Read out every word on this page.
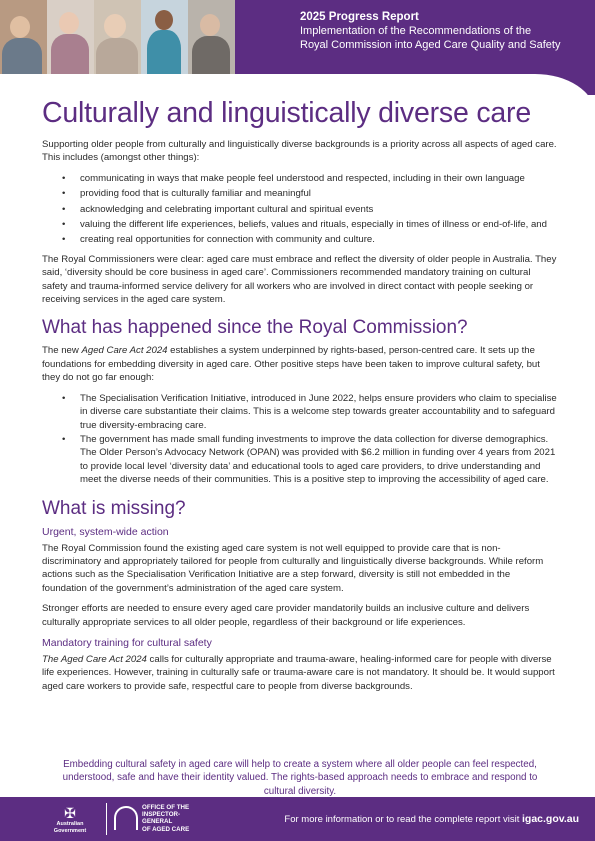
2025 Progress Report
Implementation of the Recommendations of the
Royal Commission into Aged Care Quality and Safety
Culturally and linguistically diverse care

Supporting older people from culturally and linguistically diverse backgrounds is a priority across all aspects of aged care. This includes (amongst other things):

• communicating in ways that make people feel understood and respected, including in their own language
• providing food that is culturally familiar and meaningful
• acknowledging and celebrating important cultural and spiritual events
• valuing the different life experiences, beliefs, values and rituals, especially in times of illness or end-of-life, and
• creating real opportunities for connection with community and culture.

The Royal Commissioners were clear: aged care must embrace and reflect the diversity of older people in Australia. They said, ‘diversity should be core business in aged care’. Commissioners recommended mandatory training on cultural safety and trauma-informed service delivery for all workers who are involved in direct contact with people seeking or receiving services in the aged care system.

What has happened since the Royal Commission?

The new Aged Care Act 2024 establishes a system underpinned by rights-based, person-centred care. It sets up the foundations for embedding diversity in aged care. Other positive steps have been taken to improve cultural safety, but they do not go far enough:

• The Specialisation Verification Initiative, introduced in June 2022, helps ensure providers who claim to specialise in diverse care substantiate their claims. This is a welcome step towards greater accountability and to safeguard true diversity-embracing care.
• The government has made small funding investments to improve the data collection for diverse demographics. The Older Person’s Advocacy Network (OPAN) was provided with $6.2 million in funding over 4 years from 2021 to provide local level ‘diversity data’ and educational tools to aged care providers, to drive understanding and meet the diverse needs of their communities. This is a positive step to improving the accessibility of aged care.
What is missing?
Urgent, system-wide action

The Royal Commission found the existing aged care system is not well equipped to provide care that is non-discriminatory and appropriately tailored for people from culturally and linguistically diverse backgrounds. While reform actions such as the Specialisation Verification Initiative are a step forward, diversity is still not embedded in the foundation of the government’s administration of the aged care system.

Stronger efforts are needed to ensure every aged care provider mandatorily builds an inclusive culture and delivers culturally appropriate services to all older people, regardless of their background or life experiences.

Mandatory training for cultural safety

The Aged Care Act 2024 calls for culturally appropriate and trauma-aware, healing-informed care for people with diverse life experiences. However, training in culturally safe or trauma-aware care is not mandatory. It should be. It would support aged care workers to provide safe, respectful care to people from diverse backgrounds.

Embedding cultural safety in aged care will help to create a system where all older people can feel respected, understood, safe and have their identity valued. The rights-based approach needs to embrace and respond to cultural diversity.
✠
Australian Government
OFFICE OF THE
INSPECTOR-
GENERAL
OF AGED CARE
For more information or to read the complete report visit igac.gov.au
